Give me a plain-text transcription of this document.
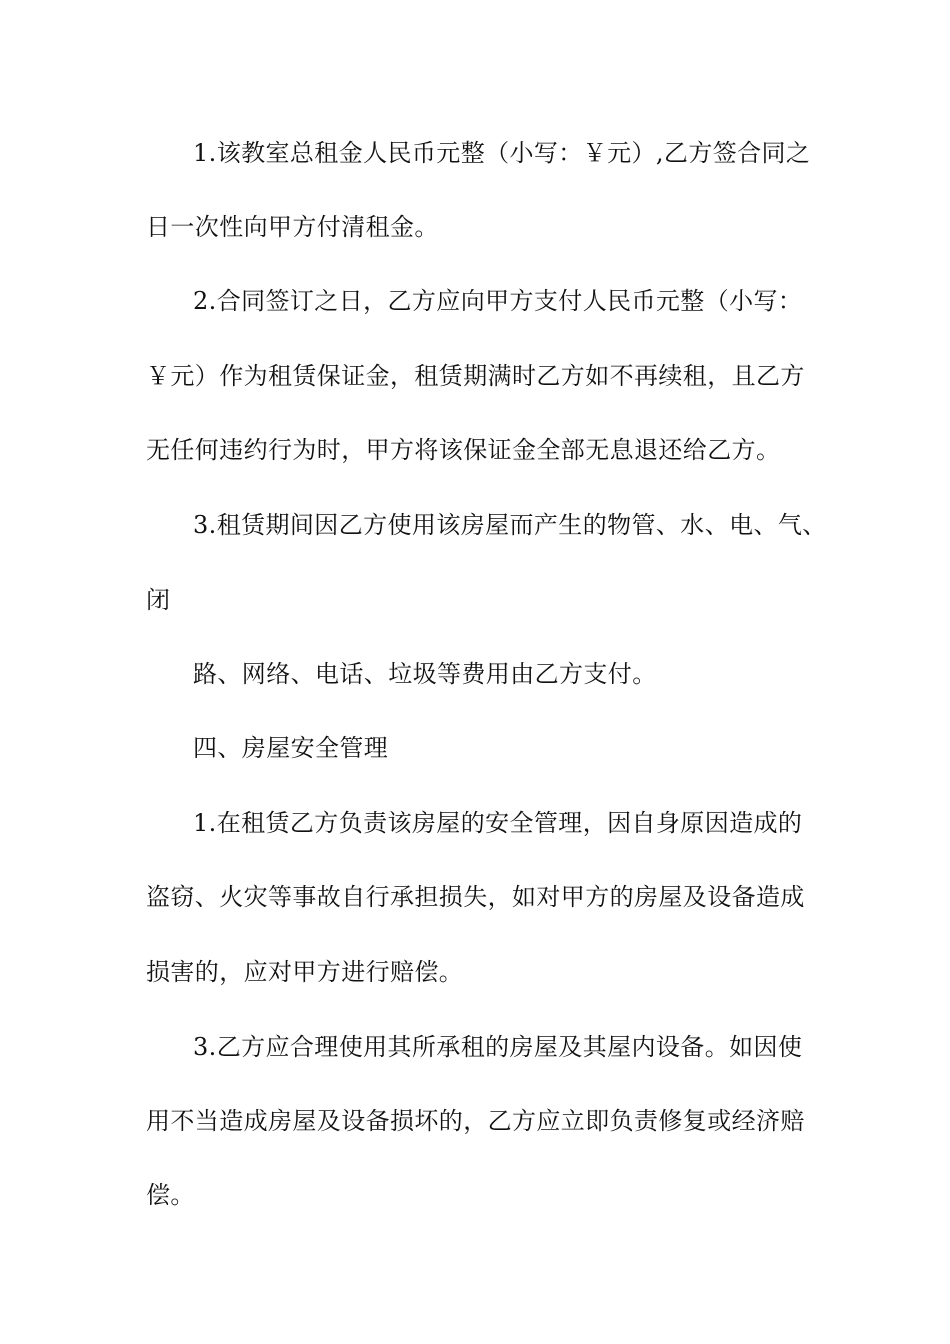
1.该教室总租金人民币元整（小写：￥元）,乙方签合同之
日一次性向甲方付清租金。
2.合同签订之日，乙方应向甲方支付人民币元整（小写：
￥元）作为租赁保证金，租赁期满时乙方如不再续租，且乙方
无任何违约行为时，甲方将该保证金全部无息退还给乙方。
3.租赁期间因乙方使用该房屋而产生的物管、水、电、气、
闭
路、网络、电话、垃圾等费用由乙方支付。
四、房屋安全管理
1.在租赁乙方负责该房屋的安全管理，因自身原因造成的
盗窃、火灾等事故自行承担损失，如对甲方的房屋及设备造成
损害的，应对甲方进行赔偿。
3.乙方应合理使用其所承租的房屋及其屋内设备。如因使
用不当造成房屋及设备损坏的，乙方应立即负责修复或经济赔
偿。
